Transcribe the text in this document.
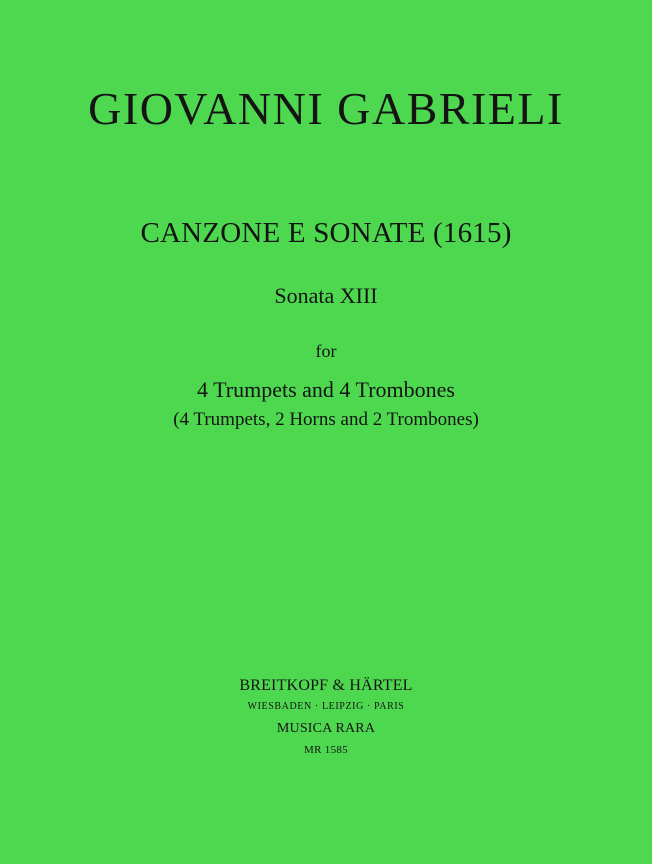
GIOVANNI GABRIELI
CANZONE E SONATE (1615)
Sonata XIII
for
4 Trumpets and 4 Trombones
(4 Trumpets, 2 Horns and 2 Trombones)
BREITKOPF & HÄRTEL
WIESBADEN · LEIPZIG · PARIS
MUSICA RARA
MR 1585
